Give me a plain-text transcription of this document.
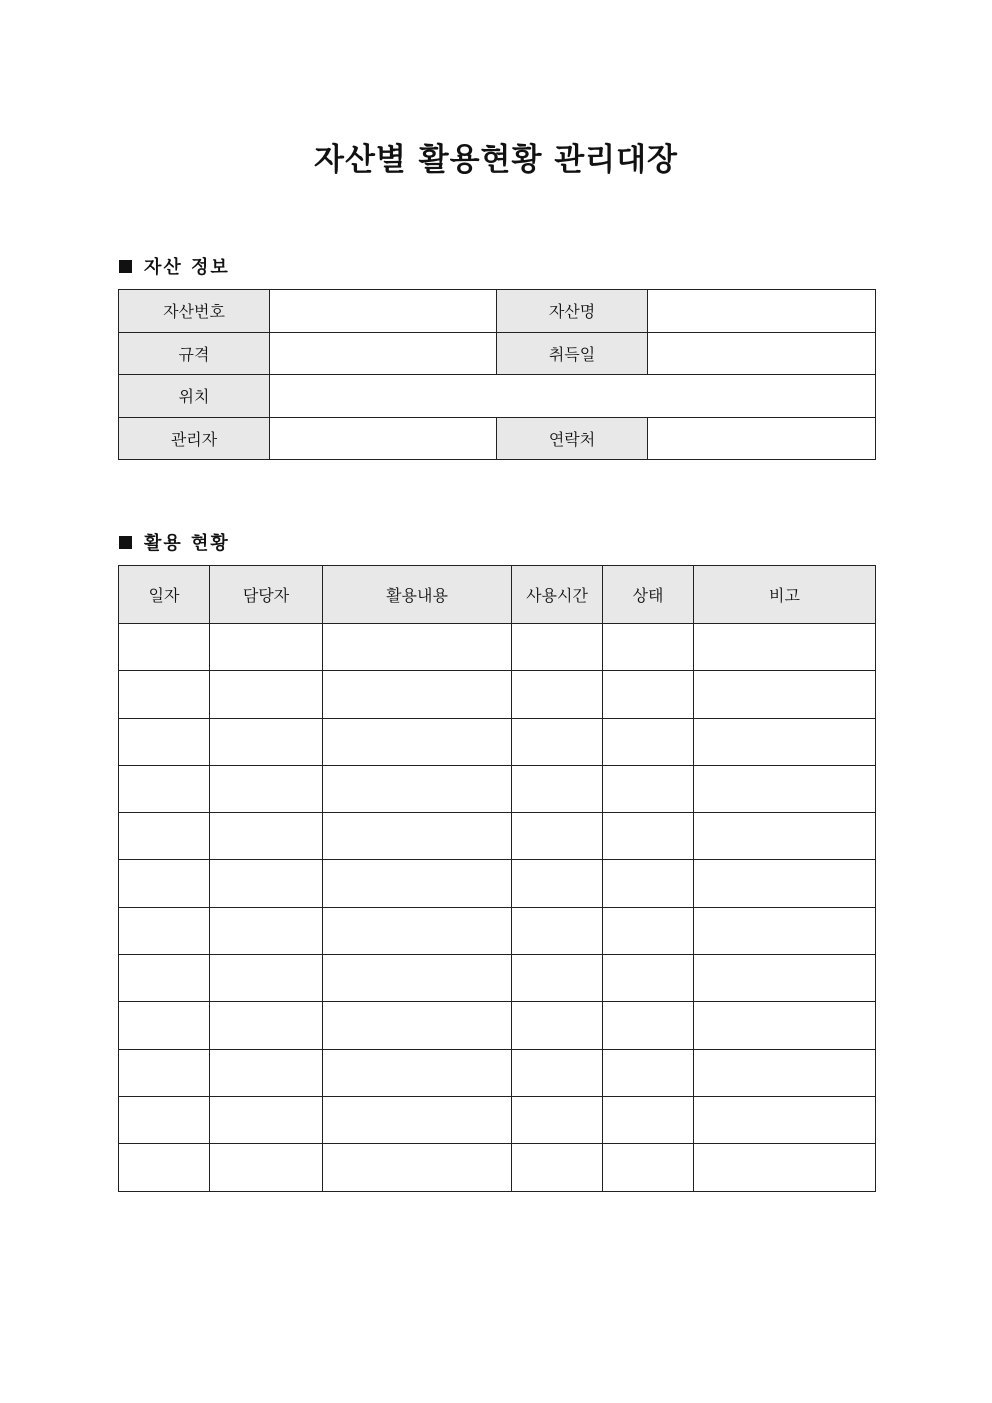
자산별 활용현황 관리대장
자산 정보
자산번호		자산명	
규격		취득일	
위치			
관리자		연락처	
활용 현황
일자	담당자	활용내용	사용시간	상태	비고
